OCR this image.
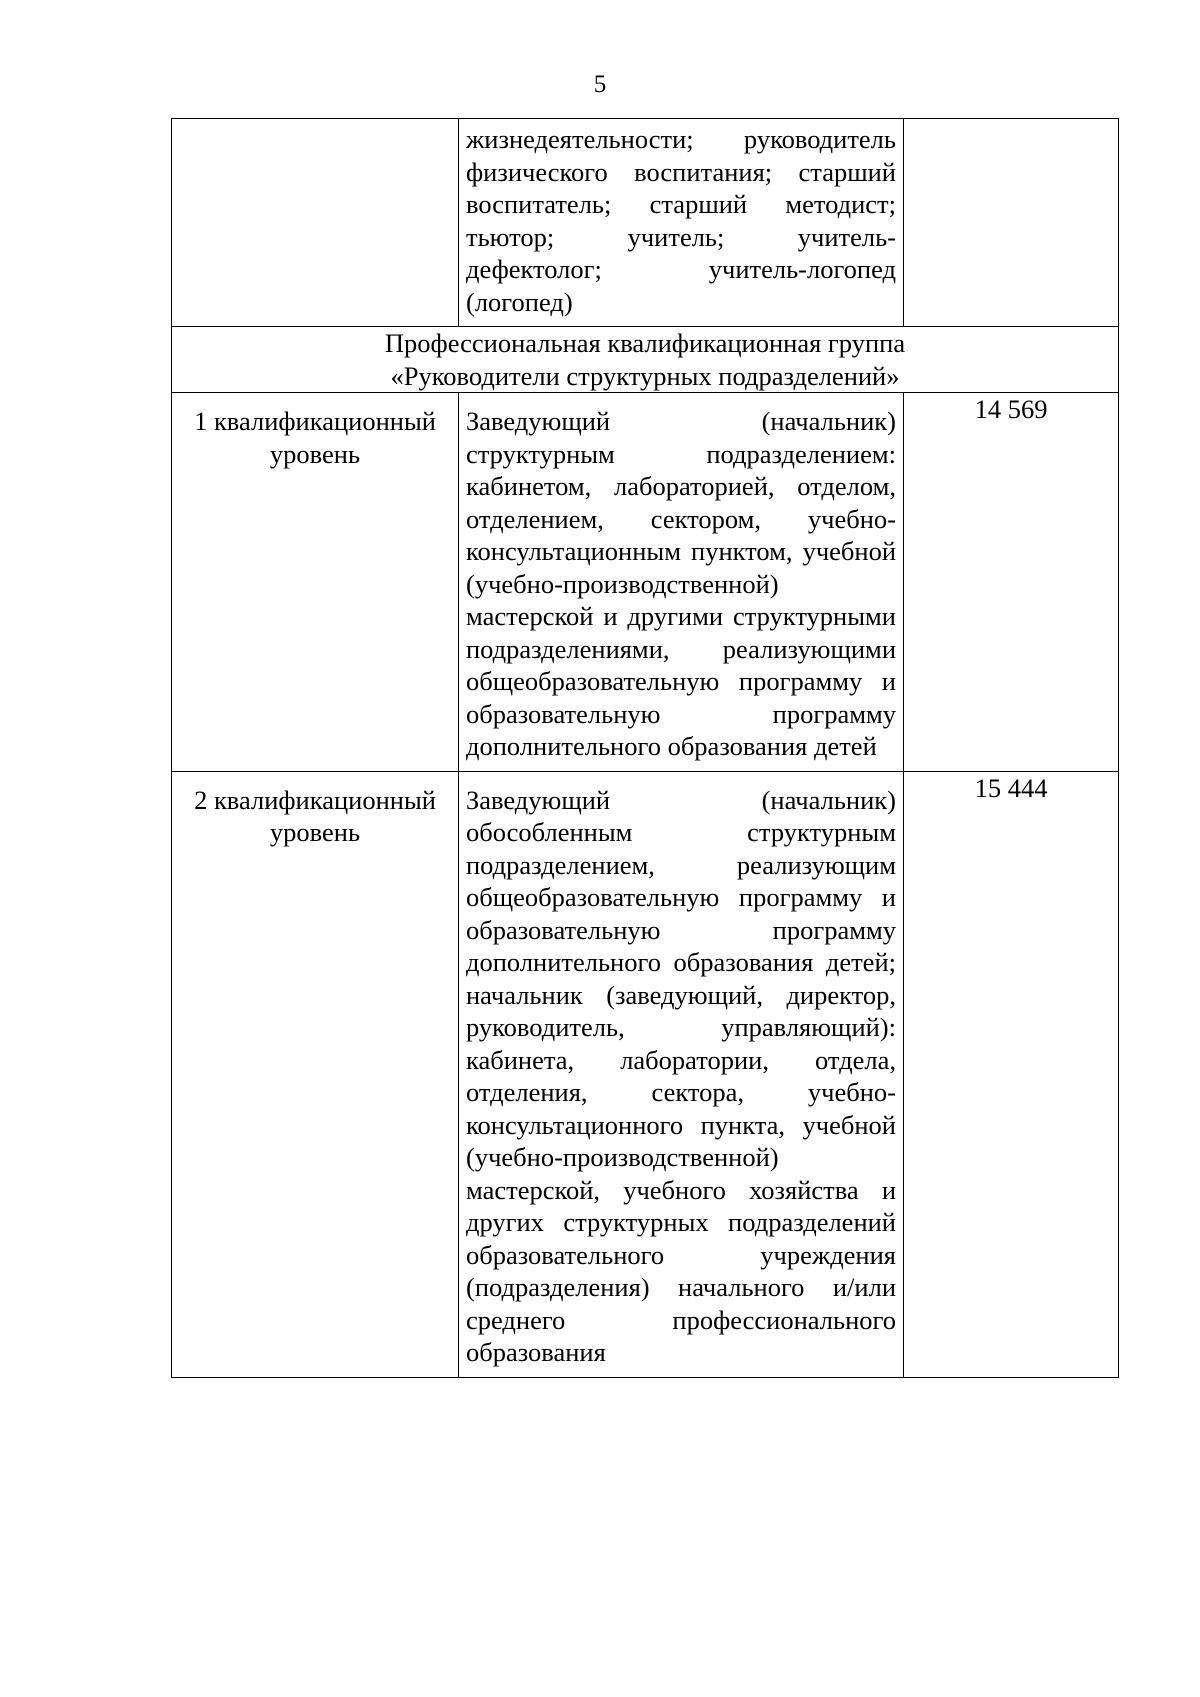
5

	жизнедеятельности; руководитель физического воспитания; старший воспитатель; старший методист; тьютор; учитель; учитель-дефектолог; учитель-логопед (логопед)	

Профессиональная квалификационная группа
«Руководители структурных подразделений»		

1 квалификационный уровень	Заведующий (начальник) структурным подразделением: кабинетом, лабораторией, отделом, отделением, сектором, учебно-консультационным пунктом, учебной (учебно-производственной) мастерской и другими структурными подразделениями, реализующими общеобразовательную программу и образовательную программу дополнительного образования детей	14 569

2 квалификационный уровень	Заведующий (начальник) обособленным структурным подразделением, реализующим общеобразовательную программу и образовательную программу дополнительного образования детей; начальник (заведующий, директор, руководитель, управляющий): кабинета, лаборатории, отдела, отделения, сектора, учебно-консультационного пункта, учебной (учебно-производственной) мастерской, учебного хозяйства и других структурных подразделений образовательного учреждения (подразделения) начального и/или среднего профессионального образования	15 444
